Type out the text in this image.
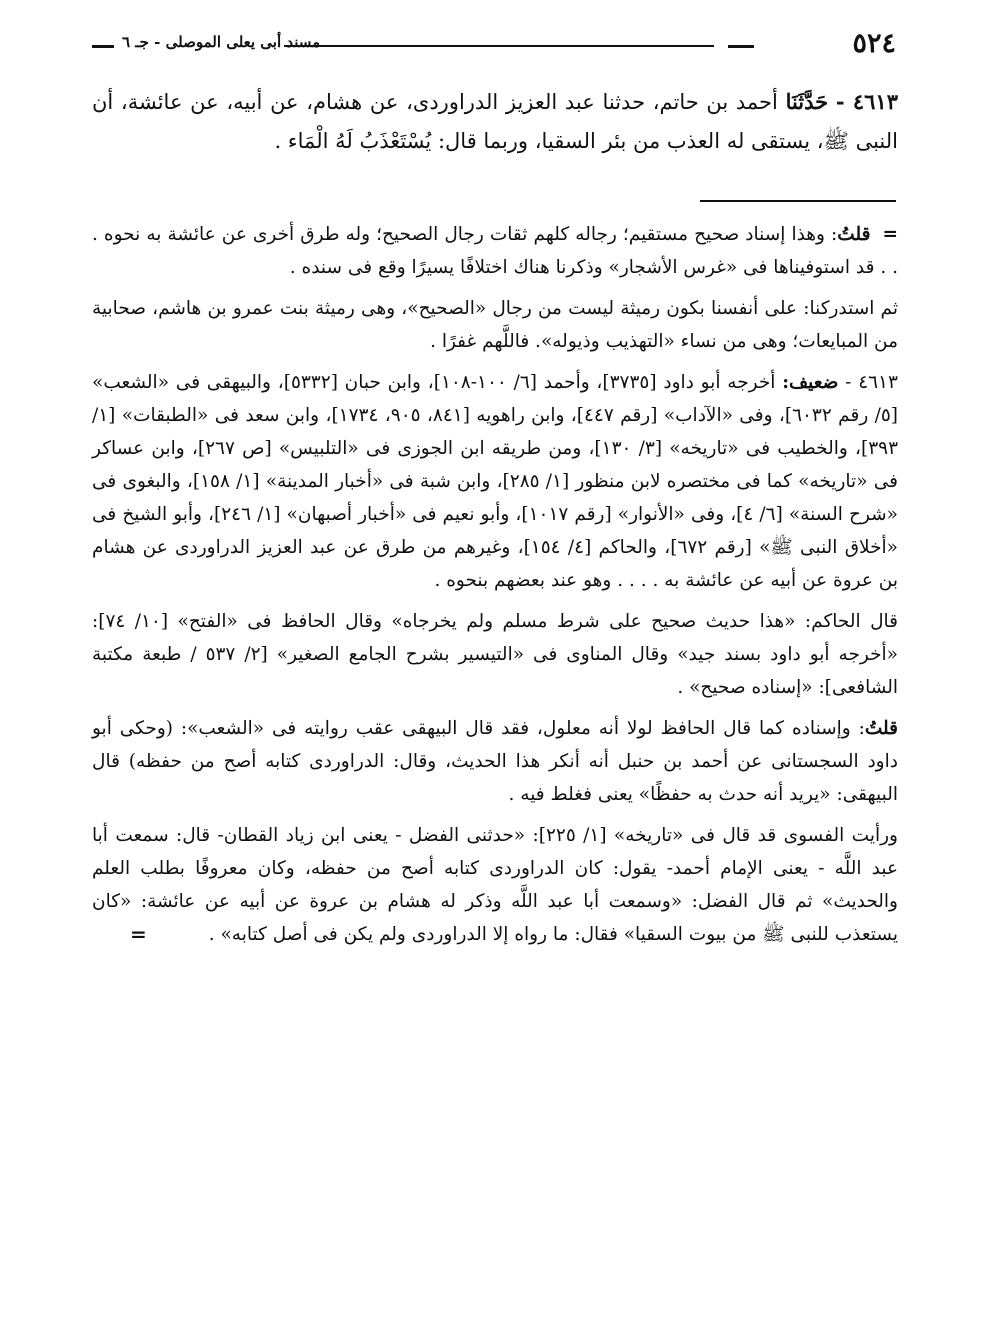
٥٢٤
مسند أبى يعلى الموصلى - جـ ٦
٤٦١٣ - حَدَّثَنَا أحمد بن حاتم، حدثنا عبد العزيز الدراوردى، عن هشام، عن أبيه، عن عائشة، أن النبى ﷺ، يستقى له العذب من بئر السقيا، وربما قال: يُسْتَعْذَبُ لَهُ الْمَاء .

= قلتُ: وهذا إسناد صحيح مستقيم؛ رجاله كلهم ثقات رجال الصحيح؛ وله طرق أخرى عن عائشة به نحوه . . . قد استوفيناها فى «غرس الأشجار» وذكرنا هناك اختلافًا يسيرًا وقع فى سنده .

ثم استدركنا: على أنفسنا بكون رميثة ليست من رجال «الصحيح»، وهى رميثة بنت عمرو بن هاشم، صحابية من المبايعات؛ وهى من نساء «التهذيب وذيوله». فاللَّهم غفرًا .

٤٦١٣ - ضعيف: أخرجه أبو داود [٣٧٣٥]، وأحمد [٦/ ١٠٠-١٠٨]، وابن حبان [٥٣٣٢]، والبيهقى فى «الشعب» [٥/ رقم ٦٠٣٢]، وفى «الآداب» [رقم ٤٤٧]، وابن راهويه [٨٤١، ٩٠٥، ١٧٣٤]، وابن سعد فى «الطبقات» [١/ ٣٩٣]، والخطيب فى «تاريخه» [٣/ ١٣٠]، ومن طريقه ابن الجوزى فى «التلبيس» [ص ٢٦٧]، وابن عساكر فى «تاريخه» كما فى مختصره لابن منظور [١/ ٢٨٥]، وابن شبة فى «أخبار المدينة» [١/ ١٥٨]، والبغوى فى «شرح السنة» [٦/ ٤]، وفى «الأنوار» [رقم ١٠١٧]، وأبو نعيم فى «أخبار أصبهان» [١/ ٢٤٦]، وأبو الشيخ فى «أخلاق النبى ﷺ» [رقم ٦٧٢]، والحاكم [٤/ ١٥٤]، وغيرهم من طرق عن عبد العزيز الدراوردى عن هشام بن عروة عن أبيه عن عائشة به . . . . وهو عند بعضهم بنحوه .

قال الحاكم: «هذا حديث صحيح على شرط مسلم ولم يخرجاه» وقال الحافظ فى «الفتح» [١٠/ ٧٤]: «أخرجه أبو داود بسند جيد» وقال المناوى فى «التيسير بشرح الجامع الصغير» [٢/ ٥٣٧ / طبعة مكتبة الشافعى]: «إسناده صحيح» .

قلتُ: وإسناده كما قال الحافظ لولا أنه معلول، فقد قال البيهقى عقب روايته فى «الشعب»: (وحكى أبو داود السجستانى عن أحمد بن حنبل أنه أنكر هذا الحديث، وقال: الدراوردى كتابه أصح من حفظه) قال البيهقى: «يريد أنه حدث به حفظًا» يعنى فغلط فيه .

ورأيت الفسوى قد قال فى «تاريخه» [١/ ٢٢٥]: «حدثنى الفضل - يعنى ابن زياد القطان- قال: سمعت أبا عبد اللَّه - يعنى الإمام أحمد- يقول: كان الدراوردى كتابه أصح من حفظه، وكان معروفًا بطلب العلم والحديث» ثم قال الفضل: «وسمعت أبا عبد اللَّه وذكر له هشام بن عروة عن أبيه عن عائشة: «كان يستعذب للنبى ﷺ من بيوت السقيا» فقال: ما رواه إلا الدراوردى ولم يكن فى أصل كتابه» .
=
